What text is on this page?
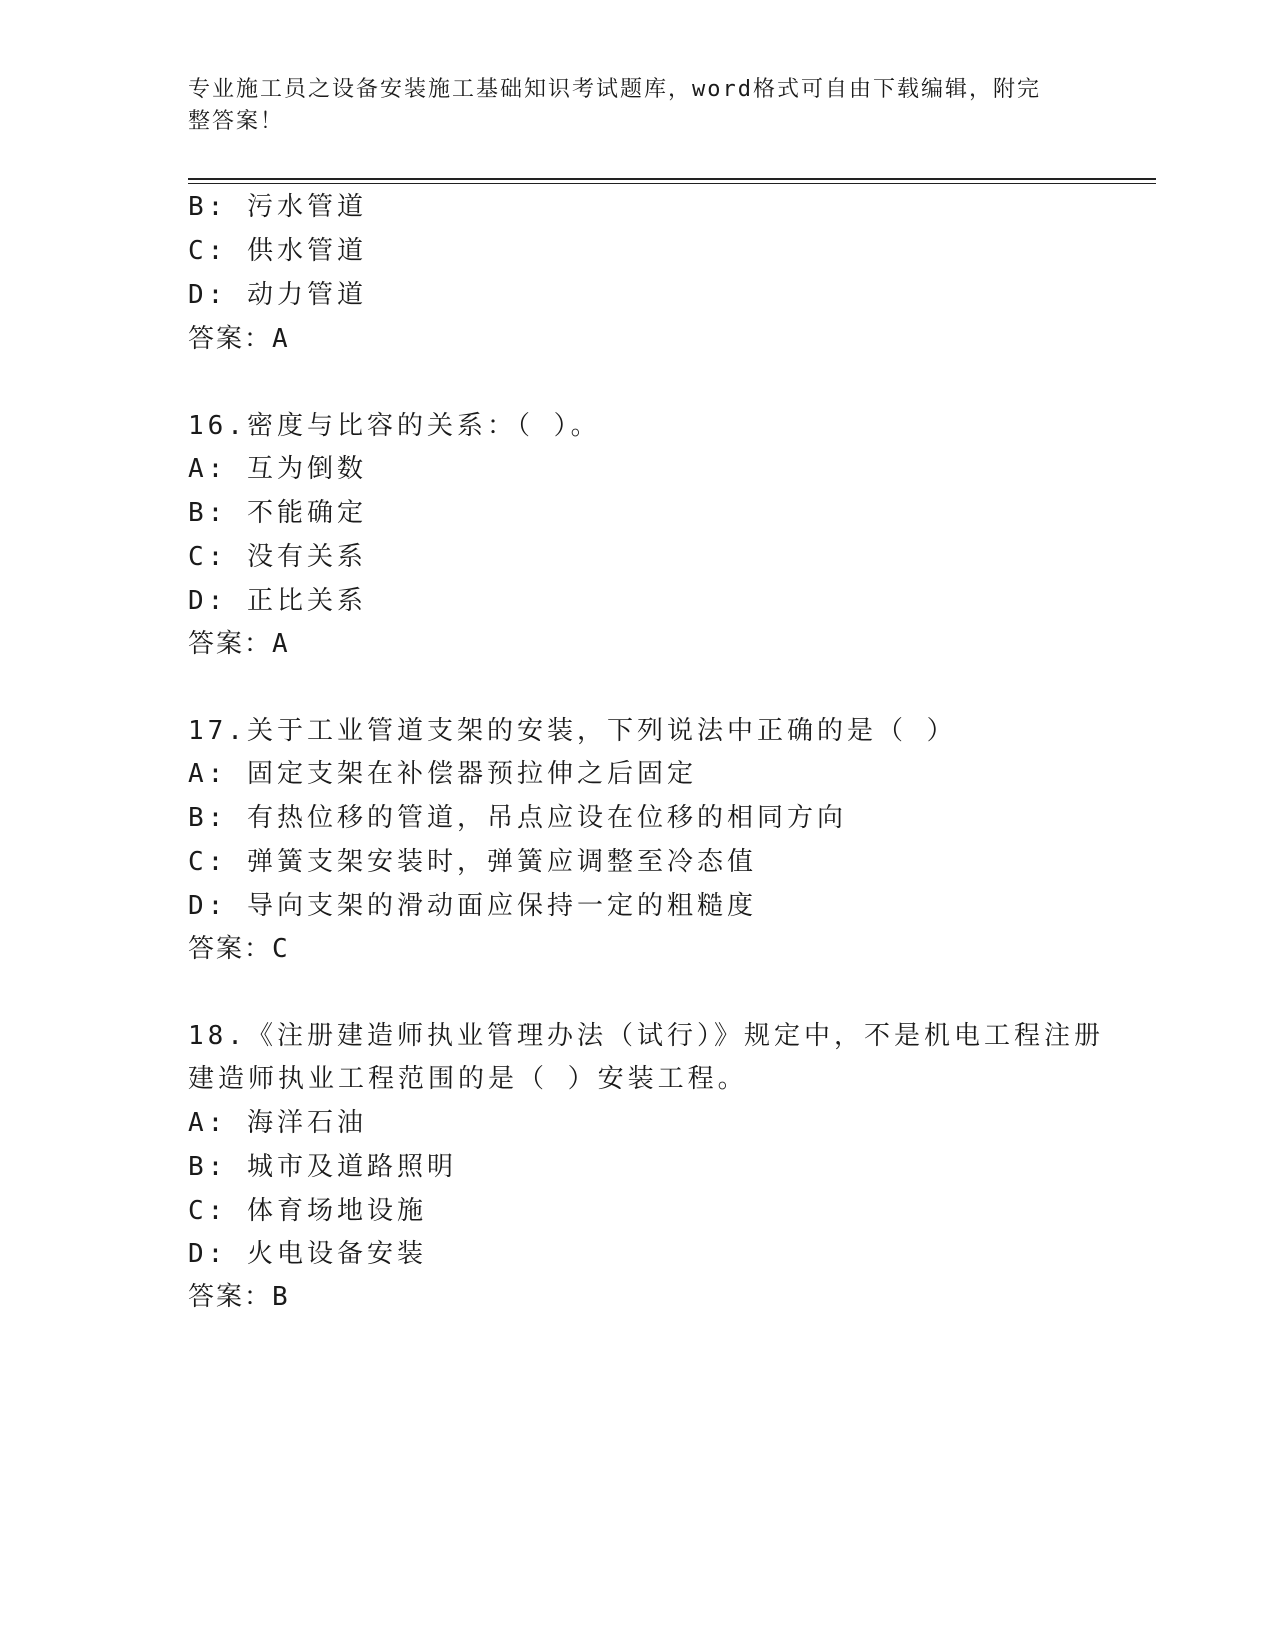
专业施工员之设备安装施工基础知识考试题库，word格式可自由下载编辑，附完
整答案！
B: 污水管道
C: 供水管道
D: 动力管道
答案：A
16.密度与比容的关系：（ ）。
A: 互为倒数
B: 不能确定
C: 没有关系
D: 正比关系
答案：A
17.关于工业管道支架的安装，下列说法中正确的是（ ）
A: 固定支架在补偿器预拉伸之后固定
B: 有热位移的管道，吊点应设在位移的相同方向
C: 弹簧支架安装时，弹簧应调整至冷态值
D: 导向支架的滑动面应保持一定的粗糙度
答案：C
18.《注册建造师执业管理办法（试行）》规定中，不是机电工程注册
建造师执业工程范围的是（ ）安装工程。
A: 海洋石油
B: 城市及道路照明
C: 体育场地设施
D: 火电设备安装
答案：B
